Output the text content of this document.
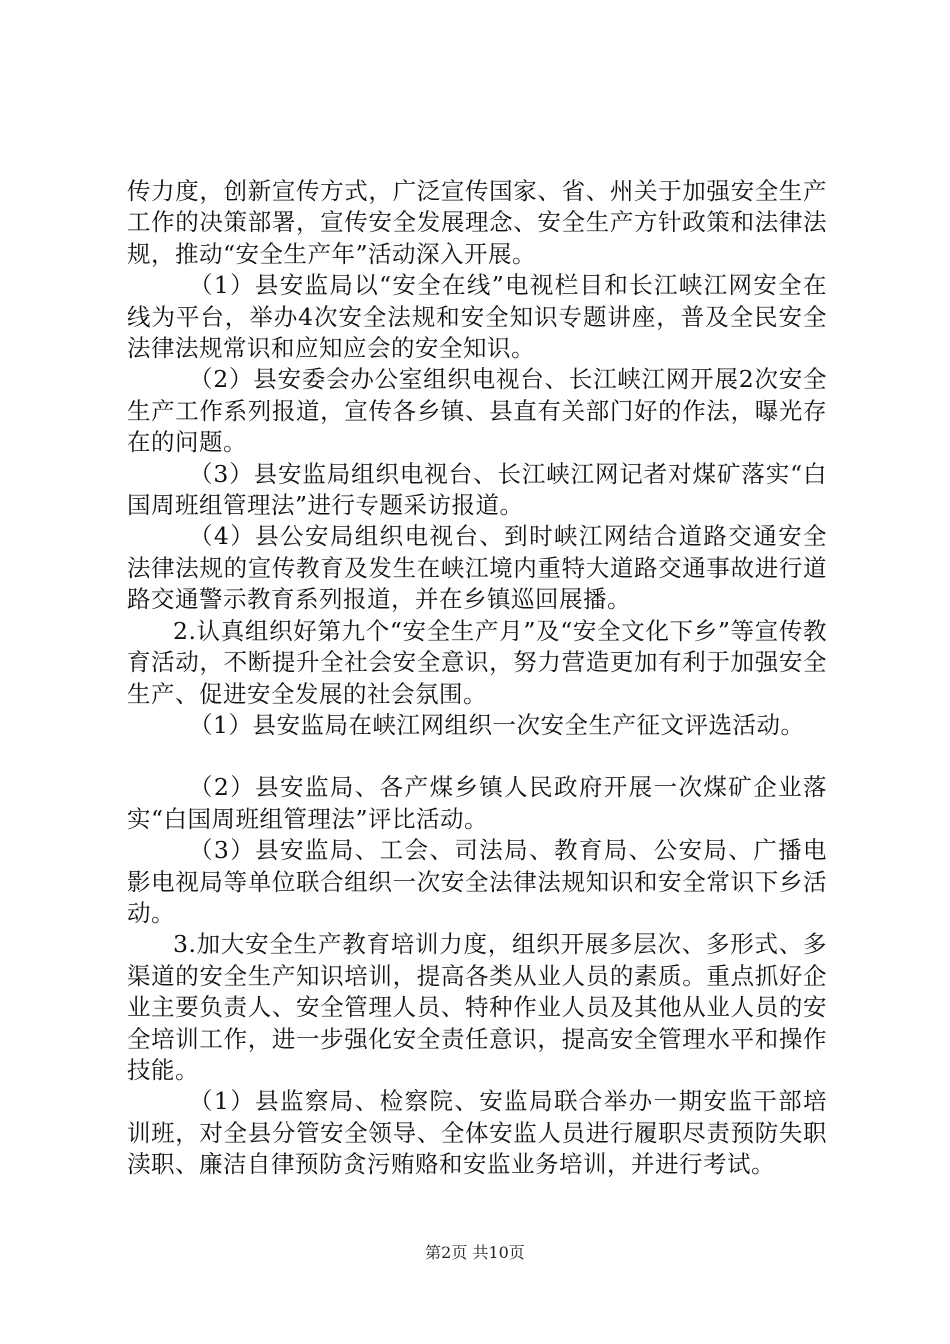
传力度，创新宣传方式，广泛宣传国家、省、州关于加强安全生产工作的决策部署，宣传安全发展理念、安全生产方针政策和法律法规，推动“安全生产年”活动深入开展。

（1）县安监局以“安全在线”电视栏目和长江峡江网安全在线为平台，举办4次安全法规和安全知识专题讲座，普及全民安全法律法规常识和应知应会的安全知识。

（2）县安委会办公室组织电视台、长江峡江网开展2次安全生产工作系列报道，宣传各乡镇、县直有关部门好的作法，曝光存在的问题。

（3）县安监局组织电视台、长江峡江网记者对煤矿落实“白国周班组管理法”进行专题采访报道。

（4）县公安局组织电视台、到时峡江网结合道路交通安全法律法规的宣传教育及发生在峡江境内重特大道路交通事故进行道路交通警示教育系列报道，并在乡镇巡回展播。

2.认真组织好第九个“安全生产月”及“安全文化下乡”等宣传教育活动，不断提升全社会安全意识，努力营造更加有利于加强安全生产、促进安全发展的社会氛围。

（1）县安监局在峡江网组织一次安全生产征文评选活动。

（2）县安监局、各产煤乡镇人民政府开展一次煤矿企业落实“白国周班组管理法”评比活动。

（3）县安监局、工会、司法局、教育局、公安局、广播电影电视局等单位联合组织一次安全法律法规知识和安全常识下乡活动。

3.加大安全生产教育培训力度，组织开展多层次、多形式、多渠道的安全生产知识培训，提高各类从业人员的素质。重点抓好企业主要负责人、安全管理人员、特种作业人员及其他从业人员的安全培训工作，进一步强化安全责任意识，提高安全管理水平和操作技能。

（1）县监察局、检察院、安监局联合举办一期安监干部培训班，对全县分管安全领导、全体安监人员进行履职尽责预防失职渎职、廉洁自律预防贪污贿赂和安监业务培训，并进行考试。

第2页 共10页
